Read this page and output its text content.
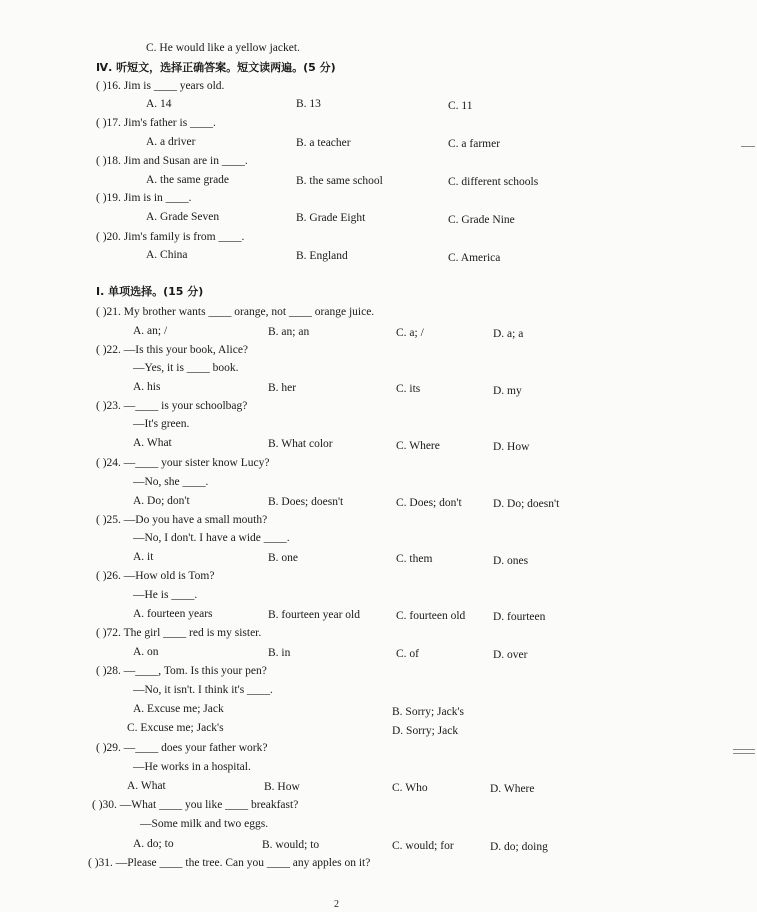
C. He would like a yellow jacket.
Ⅳ. 听短文，选择正确答案。短文读两遍。(5 分)
( )16. Jim is ____ years old.
A. 14	B. 13	C. 11
( )17. Jim's father is ____.
A. a driver	B. a teacher	C. a farmer
( )18. Jim and Susan are in ____.
A. the same grade	B. the same school	C. different schools
( )19. Jim is in ____.
A. Grade Seven	B. Grade Eight	C. Grade Nine
( )20. Jim's family is from ____.
A. China	B. England	C. America
Ⅰ. 单项选择。(15 分)
( )21. My brother wants ____ orange, not ____ orange juice.
A. an; /	B. an; an	C. a; /	D. a; a
( )22. —Is this your book, Alice?
—Yes, it is ____ book.
A. his	B. her	C. its	D. my
( )23. —____ is your schoolbag?
—It's green.
A. What	B. What color	C. Where	D. How
( )24. —____ your sister know Lucy?
—No, she ____.
A. Do; don't	B. Does; doesn't	C. Does; don't	D. Do; doesn't
( )25. —Do you have a small mouth?
—No, I don't. I have a wide ____.
A. it	B. one	C. them	D. ones
( )26. —How old is Tom?
—He is ____.
A. fourteen years	B. fourteen year old	C. fourteen old D. fourteen
( )72. The girl ____ red is my sister.
A. on	B. in	C. of	D. over
( )28. —____, Tom. Is this your pen?
—No, it isn't. I think it's ____.
A. Excuse me; Jack	B. Sorry; Jack's
C. Excuse me; Jack's	D. Sorry; Jack
( )29. —____ does your father work?
—He works in a hospital.
A. What	B. How	C. Who	D. Where
( )30. —What ____ you like ____ breakfast?
—Some milk and two eggs.
A. do; to	B. would; to	C. would; for	D. do; doing
( )31. —Please ____ the tree. Can you ____ any apples on it?
2
